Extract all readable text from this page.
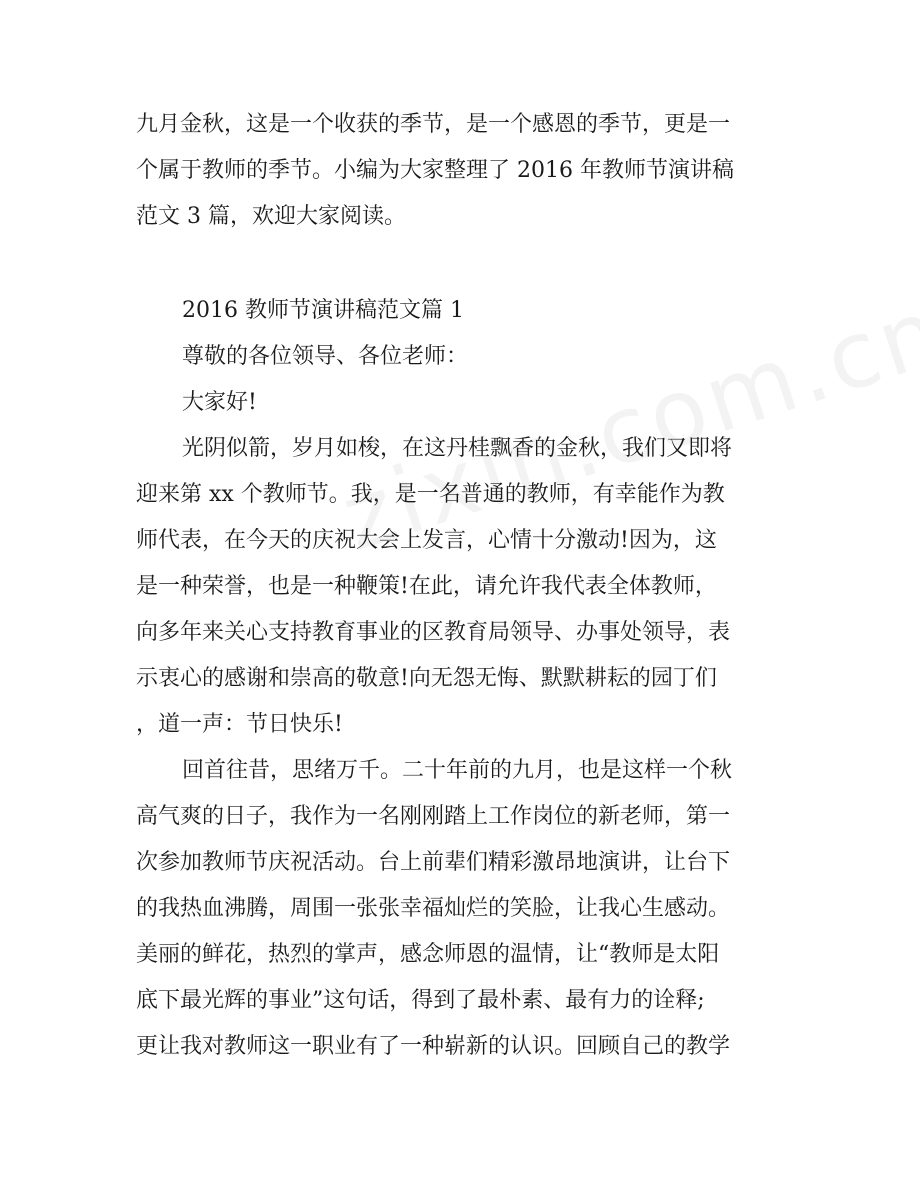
九月金秋，这是一个收获的季节，是一个感恩的季节，更是一
个属于教师的季节。小编为大家整理了 2016 年教师节演讲稿
范文 3 篇，欢迎大家阅读。
2016 教师节演讲稿范文篇 1
尊敬的各位领导、各位老师：
大家好!
光阴似箭，岁月如梭，在这丹桂飘香的金秋，我们又即将
迎来第 xx 个教师节。我，是一名普通的教师，有幸能作为教
师代表，在今天的庆祝大会上发言，心情十分激动!因为，这
是一种荣誉，也是一种鞭策!在此，请允许我代表全体教师，
向多年来关心支持教育事业的区教育局领导、办事处领导，表
示衷心的感谢和崇高的敬意!向无怨无悔、默默耕耘的园丁们
，道一声：节日快乐!
回首往昔，思绪万千。二十年前的九月，也是这样一个秋
高气爽的日子，我作为一名刚刚踏上工作岗位的新老师，第一
次参加教师节庆祝活动。台上前辈们精彩激昂地演讲，让台下
的我热血沸腾，周围一张张幸福灿烂的笑脸，让我心生感动。
美丽的鲜花，热烈的掌声，感念师恩的温情，让“教师是太阳
底下最光辉的事业”这句话，得到了最朴素、最有力的诠释;
更让我对教师这一职业有了一种崭新的认识。回顾自己的教学
